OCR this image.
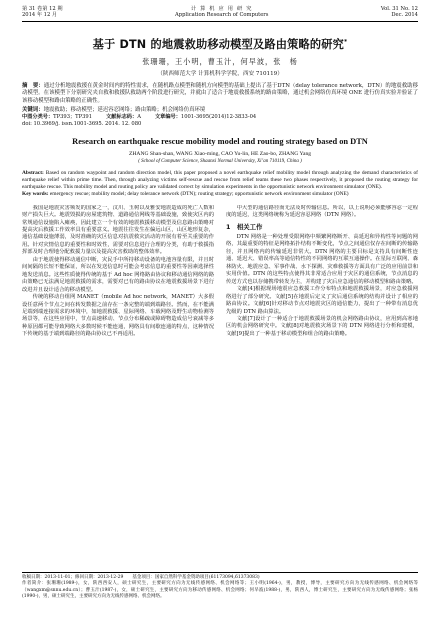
第 31 卷第 12 期
2014 年 12 月
计 算 机 应 用 研 究
Application Research of Computers
Vol. 31 No. 12
Dec. 2014
基于 DTN 的地震救助移动模型及路由策略的研究*
张珊珊，王小明，曹玉汁，何早波，张　杨
（陕西师范大学 计算机科学学院，西安 710119）
摘　要：通过分析地震救援在黄金时间内的特性需求，在随机路点模型和随机方向模型的基础上提出了基于DTN（delay tolerance network，DTN）的地震救助移动模型。在该模型下分别研究夹自救和救援队救助两个阶段进行研究，并就由了适合于地震救援系统的路由策略，通过机会网络仿真环境 ONE 进行仿真实验并验证了该移动模型和路由策略的正确性。
关键词：地震救助；移动模型；延迟容忍网络；路由策略；机会网络仿真环境
中图分类号：TP393；TP391	文献标志码：A	文章编号：1001-3695(2014)12-3833-04
doi: 10.3969/j. issn.1001-3695. 2014. 12. 080
Research on earthquake rescue mobility model and routing strategy based on DTN
ZHANG Shan-shan, WANG Xiao-ming, CAO Yu-lin, HE Zao-bo, ZHANG Yang
( School of Computer Science, Shaanxi Normal University, Xi’an 710119, China )
Abstract: Based on random waypoint and random direction model, this paper proposed a novel earthquake relief mobility model through analyzing the demand characteristics of earthquake relief within prime time. Then, through analyzing victims self-rescue and rescue from relief teams these two phases respectively, it proposed the routing strategy for earthquake rescue. This mobility model and routing policy are validated correct by simulation experiments in the opportunistic network environment simulator (ONE).
Key words: emergency rescue; mobility model; delay tolerance network (DTN); routing strategy; opportunistic network environment simulator (ONE)

我国是地震灾害频发的国家之一，汶川、玉树以及雅安地震造成的死亡人数和财产损失巨大。地震毁损的房屋建筑物、道路通信网线等基础设施，致使灾区内的常规通信设施陷入瘫痪，因此建立一个有效的地震救援移动模型及信息路由策略对提高灾后救援工作效率具有重要意义。地震往往发生在偏远山区，山区地形复杂，通信基础设施薄弱，及时准确的灾区信息对抗震救灾活动的开展有着至关重要的作用。针对灾情信息的重要性和时效性，需要对信息进行合理的分类，有助于救援指挥部及时合理地分配救援力量以及提高灾害救助的整体效率。

由于地震使得移动通信中断，灾民手中所持移动设备的电池容量有限，并且时间间隔的长短不能保证，所以在发送信息时可能会考虑信息的重要性等因素选择性地发送消息。这些性质使得传统的基于 Ad hoc 网络路由协议和移动通信网络的路由策略已无法满足地震救援的需求，需要对已有的路由协议在地震救援场景下进行改进并且设计适合的移动模型。

传统的移动自组网 MANET（mobile Ad hoc network，MANET）大多假设任意两个节点之间在转发数据之前存在一条完整的端到端路径。然而，在不能满足端到端连接需求的环境中，如地震救援、星际网络、车载网络及野生动物检测等场景等，在这些应用中，节点高速移动、节点分布稀疏或障碍物造成信号衰减等多种原因都可能导致网络大多数时候不能连通，网络具有间歇连通的特点，这种情况下传统的基于端到端路径的路由协议已不再适用。

中大型的通信路径而无法及时传输信息。所以，以上说明必须能够容忍一定程度的延迟，这类网络统称为延迟容忍网络（DTN 网络）。

1　相关工作

DTN 网络是一种处理受限网络中频繁网络断开、高延迟和异构性等问题的网络，其最重要的特征是网络拓扑结构不断变化，节点之间通信仅存在间断的传输路径，并且网络内的传输延迟非常大。DTN 网络的主要目标是支持具有间断性连通、延迟大、错误率高等通信特性的不同网络的互联互通操作。在星际互联网、森林防火、地震应急、军事作战、水下探测、灾难救援等方面具有广泛的应用前景和实用价值。DTN 的这些特点使得其非常适合应用于灾区的通信系统，节点消息的传送方式也以存储携带转发为主，并构建了灾后应急通信的移动模型和路由策略。

文献[4]根据现场地震应急救援工作分布特点和地震救援场景，对应急救援网络进行了部分研究。文献[5]在地震后定义了灾后通信系统的结构并设计了相应的路由协议。文献[6]针对移动节点对地震灾区的通信能力，提出了一种带有消息优先级的 DTN 路由算法。

文献[7]设计了一种适合于地震救援场景的机会网络路由协议，应用到高寒地区的机会网络研究中。文献[8]对地震救灾场景下的 DTN 网络进行分析和建模，文献[9]提出了一种基于移动模型和组合的路由策略。

收稿日期：2013-11-01；修回日期：2013-12-29　　基金项目：国家自然科学基金资助项目(61173094,61373083)
作者简介：张珊珊(1989-)，女，陕西西安人，硕士研究生，主要研究方向为无线传感网络、机会网络等；王小明(1964-)，男，教授，博导，主要研究方向为无线传感网络、机会网络等（wangxm@snnu.edu.cn）；曹玉汁(1987-)，女，硕士研究生，主要研究方向为移动传感网络、机会网络；何早波(1988-)，男，陕西人，博士研究生，主要研究方向为无线传感网络；张杨(1990-)，男，硕士研究生，主要研究方向为无线传感网络、机会网络。
